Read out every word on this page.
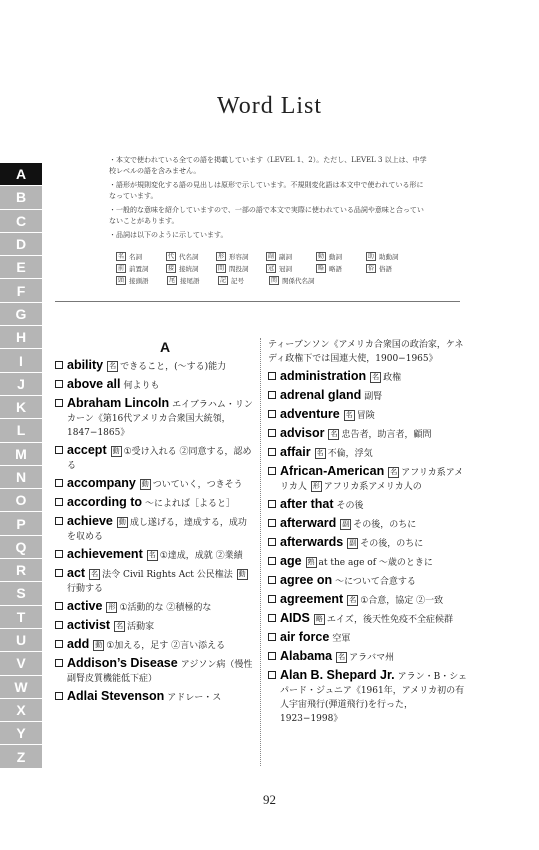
Word List
A
B
C
D
E
F
G
H
I
J
K
L
M
N
O
P
Q
R
S
T
U
V
W
X
Y
Z
・本文で使われている全ての語を掲載しています（LEVEL 1、2）。ただし、LEVEL 3 以上は、中学校レベルの語を含みません。
・語形が規則変化する語の見出しは原形で示しています。不規則変化語は本文中で使われている形になっています。
・一般的な意味を紹介していますので、一部の語で本文で実際に使われている品詞や意味と合っていないことがあります。
・品詞は以下のように示しています。
名 名詞	代 代名詞	形 形容詞	副 副詞	動 動詞	助 助動詞
前 前置詞	接 接続詞	間 間投詞	冠 冠詞	略 略語	俗 俗語
頭 接頭語	尾 接尾語	記 記号	関 関係代名詞
A
ability 名 できること，(〜する)能力
above all 何よりも
Abraham Lincoln エイブラハム・リンカーン《第16代アメリカ合衆国大統領，1847−1865》
accept 動 ①受け入れる ②同意する，認める
accompany 動 ついていく，つきそう
according to 〜によれば［よると］
achieve 動 成し遂げる，達成する，成功を収める
achievement 名 ①達成，成就 ②業績
act 名 法令 Civil Rights Act 公民権法 動行動する
active 形 ①活動的な ②積極的な
activist 名 活動家
add 動 ①加える，足す ②言い添える
Addison’s Disease アジソン病（慢性副腎皮質機能低下症）
Adlai Stevenson アドレー・ス
ティーブンソン《アメリカ合衆国の政治家，ケネディ政権下では国連大使，1900−1965》
administration 名 政権
adrenal gland 副腎
adventure 名 冒険
advisor 名 忠告者，助言者，顧問
affair 名 不倫，浮気
African-American 名 アフリカ系アメリカ人 形 アフリカ系アメリカ人の
after that その後
afterward 副 その後，のちに
afterwards 副 その後，のちに
age 熟 at the age of 〜歳のときに
agree on 〜について合意する
agreement 名 ①合意，協定 ②一致
AIDS 略 エイズ，後天性免疫不全症候群
air force 空軍
Alabama 名 アラバマ州
Alan B. Shepard Jr. アラン・B・シェパード・ジュニア《1961年，アメリカ初の有人宇宙飛行(弾道飛行)を行った，1923−1998》
92
